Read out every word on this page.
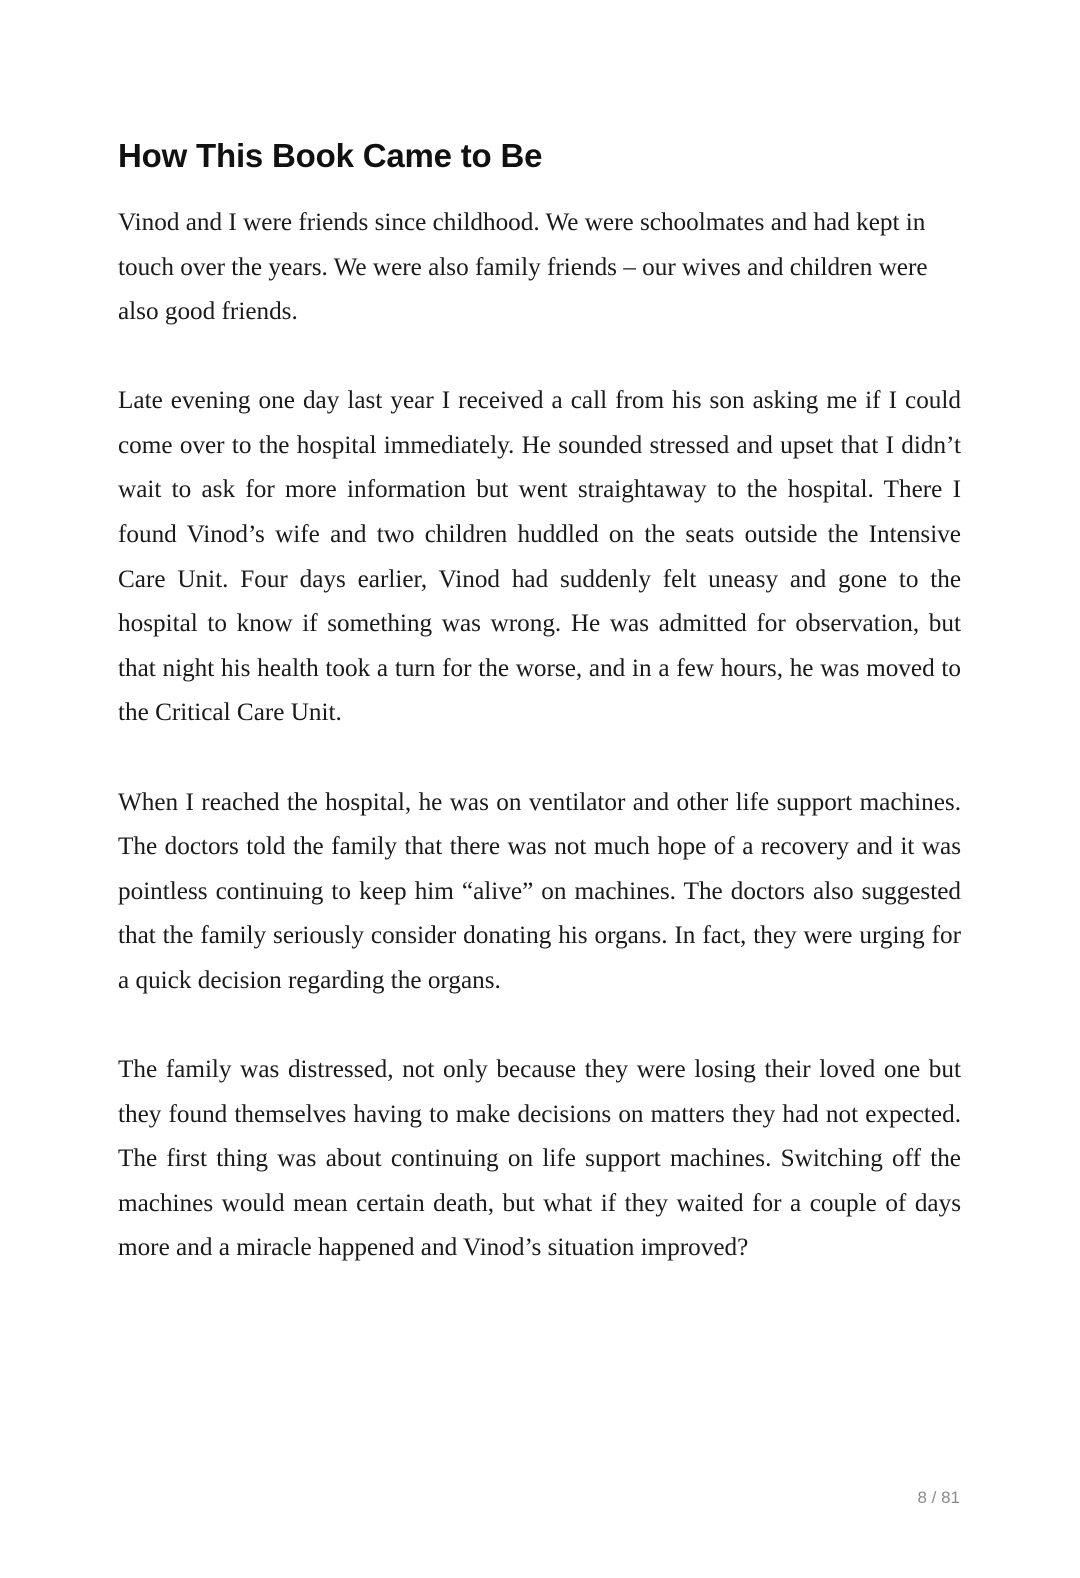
How This Book Came to Be

Vinod and I were friends since childhood. We were schoolmates and had kept in touch over the years. We were also family friends – our wives and children were also good friends.

Late evening one day last year I received a call from his son asking me if I could come over to the hospital immediately. He sounded stressed and upset that I didn’t wait to ask for more information but went straightaway to the hospital. There I found Vinod’s wife and two children huddled on the seats outside the Intensive Care Unit. Four days earlier, Vinod had suddenly felt uneasy and gone to the hospital to know if something was wrong. He was admitted for observation, but that night his health took a turn for the worse, and in a few hours, he was moved to the Critical Care Unit.

When I reached the hospital, he was on ventilator and other life support machines. The doctors told the family that there was not much hope of a recovery and it was pointless continuing to keep him “alive” on machines. The doctors also suggested that the family seriously consider donating his organs. In fact, they were urging for a quick decision regarding the organs.

The family was distressed, not only because they were losing their loved one but they found themselves having to make decisions on matters they had not expected. The first thing was about continuing on life support machines. Switching off the machines would mean certain death, but what if they waited for a couple of days more and a miracle happened and Vinod’s situation improved?

8 / 81
